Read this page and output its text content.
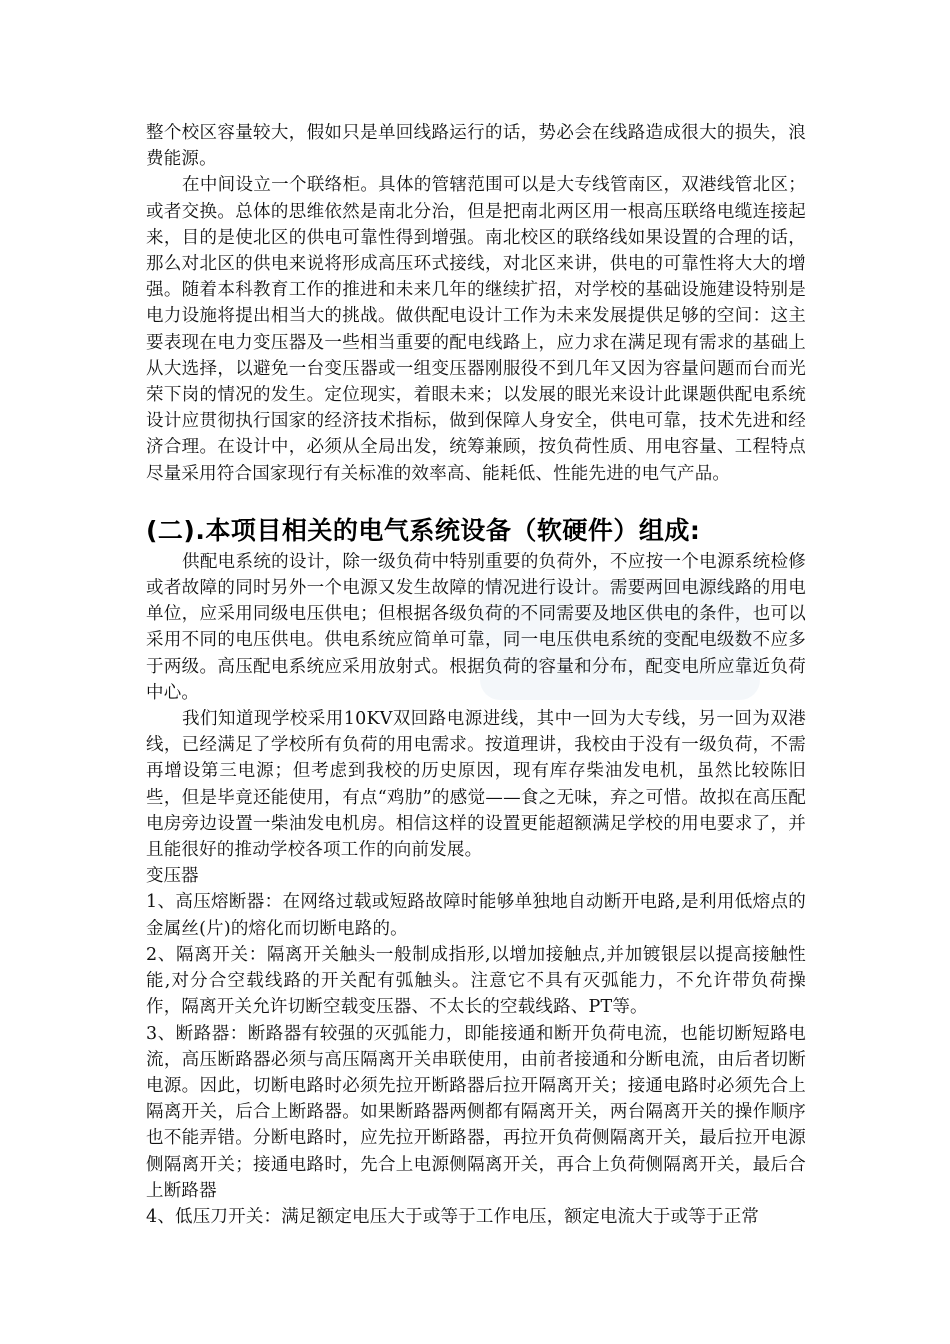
整个校区容量较大，假如只是单回线路运行的话，势必会在线路造成很大的损失，浪费能源。

在中间设立一个联络柜。具体的管辖范围可以是大专线管南区，双港线管北区；或者交换。总体的思维依然是南北分治，但是把南北两区用一根高压联络电缆连接起来，目的是使北区的供电可靠性得到增强。南北校区的联络线如果设置的合理的话，那么对北区的供电来说将形成高压环式接线，对北区来讲，供电的可靠性将大大的增强。随着本科教育工作的推进和未来几年的继续扩招，对学校的基础设施建设特别是电力设施将提出相当大的挑战。做供配电设计工作为未来发展提供足够的空间：这主要表现在电力变压器及一些相当重要的配电线路上，应力求在满足现有需求的基础上从大选择，以避免一台变压器或一组变压器刚服役不到几年又因为容量问题而台而光荣下岗的情况的发生。定位现实，着眼未来；以发展的眼光来设计此课题供配电系统设计应贯彻执行国家的经济技术指标，做到保障人身安全，供电可靠，技术先进和经济合理。在设计中，必须从全局出发，统筹兼顾，按负荷性质、用电容量、工程特点尽量采用符合国家现行有关标准的效率高、能耗低、性能先进的电气产品。

(二).本项目相关的电气系统设备（软硬件）组成:

供配电系统的设计，除一级负荷中特别重要的负荷外，不应按一个电源系统检修或者故障的同时另外一个电源又发生故障的情况进行设计。需要两回电源线路的用电单位，应采用同级电压供电；但根据各级负荷的不同需要及地区供电的条件，也可以采用不同的电压供电。供电系统应简单可靠，同一电压供电系统的变配电级数不应多于两级。高压配电系统应采用放射式。根据负荷的容量和分布，配变电所应靠近负荷中心。

我们知道现学校采用10KV双回路电源进线，其中一回为大专线，另一回为双港线，已经满足了学校所有负荷的用电需求。按道理讲，我校由于没有一级负荷，不需再增设第三电源；但考虑到我校的历史原因，现有库存柴油发电机，虽然比较陈旧些，但是毕竟还能使用，有点“鸡肋”的感觉——食之无味，弃之可惜。故拟在高压配电房旁边设置一柴油发电机房。相信这样的设置更能超额满足学校的用电要求了，并且能很好的推动学校各项工作的向前发展。

变压器

1、高压熔断器：在网络过载或短路故障时能够单独地自动断开电路,是利用低熔点的金属丝(片)的熔化而切断电路的。

2、隔离开关：隔离开关触头一般制成指形,以增加接触点,并加镀银层以提高接触性能,对分合空载线路的开关配有弧触头。注意它不具有灭弧能力，不允许带负荷操作，隔离开关允许切断空载变压器、不太长的空载线路、PT等。

3、断路器：断路器有较强的灭弧能力，即能接通和断开负荷电流，也能切断短路电流，高压断路器必须与高压隔离开关串联使用，由前者接通和分断电流，由后者切断电源。因此，切断电路时必须先拉开断路器后拉开隔离开关；接通电路时必须先合上隔离开关，后合上断路器。如果断路器两侧都有隔离开关，两台隔离开关的操作顺序也不能弄错。分断电路时，应先拉开断路器，再拉开负荷侧隔离开关，最后拉开电源侧隔离开关；接通电路时，先合上电源侧隔离开关，再合上负荷侧隔离开关，最后合上断路器

4、低压刀开关：满足额定电压大于或等于工作电压，额定电流大于或等于正常
